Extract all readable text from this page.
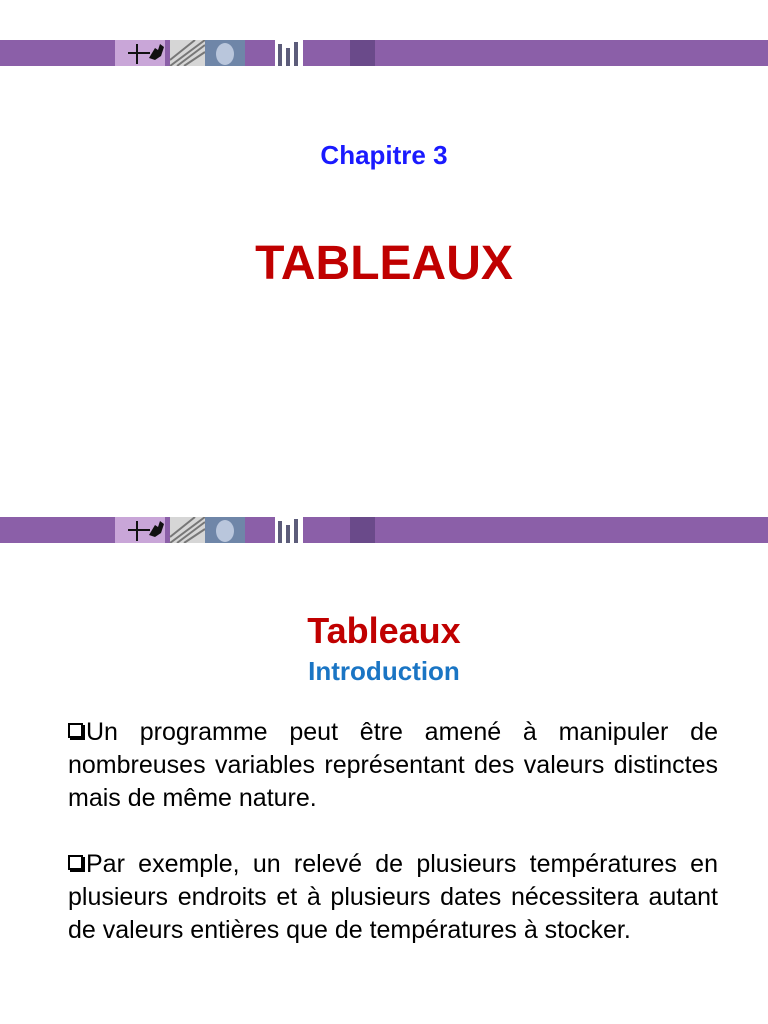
Chapitre 3
TABLEAUX
Tableaux
Introduction
Un programme peut être amené à manipuler de nombreuses variables représentant des valeurs distinctes mais de même nature.
Par exemple, un relevé de plusieurs températures en plusieurs endroits et à plusieurs dates nécessitera autant de valeurs entières que de températures à stocker.
